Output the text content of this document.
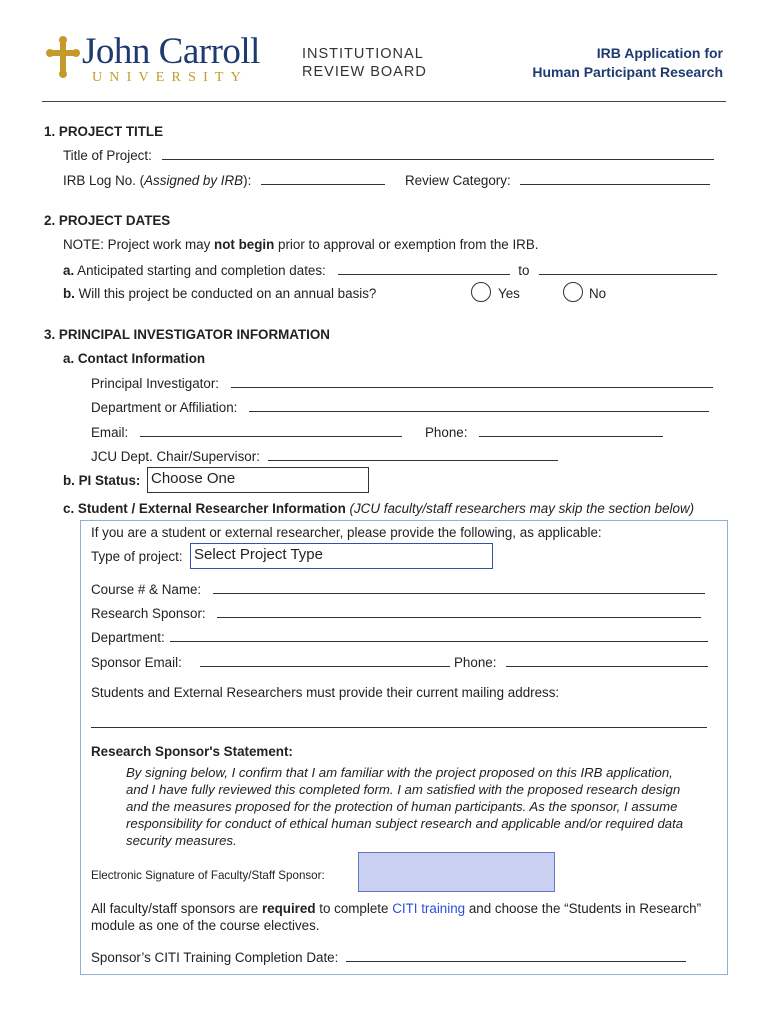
John Carroll
UNIVERSITY
INSTITUTIONAL
REVIEW BOARD
IRB Application for
Human Participant Research
1. PROJECT TITLE
Title of Project:
IRB Log No. (Assigned by IRB):	Review Category:
2. PROJECT DATES
NOTE: Project work may not begin prior to approval or exemption from the IRB.
a. Anticipated starting and completion dates:	to
b. Will this project be conducted on an annual basis?	Yes	No
3. PRINCIPAL INVESTIGATOR INFORMATION
a. Contact Information
Principal Investigator:
Department or Affiliation:
Email:	Phone:
JCU Dept. Chair/Supervisor:
b. PI Status: Choose One
c. Student / External Researcher Information (JCU faculty/staff researchers may skip the section below)
If you are a student or external researcher, please provide the following, as applicable:
Type of project: Select Project Type
Course # & Name:
Research Sponsor:
Department:
Sponsor Email:	Phone:
Students and External Researchers must provide their current mailing address:
Research Sponsor's Statement:
By signing below, I confirm that I am familiar with the project proposed on this IRB application, and I have fully reviewed this completed form. I am satisfied with the proposed research design and the measures proposed for the protection of human participants. As the sponsor, I assume responsibility for conduct of ethical human subject research and applicable and/or required data security measures.
Electronic Signature of Faculty/Staff Sponsor:
All faculty/staff sponsors are required to complete CITI training and choose the “Students in Research”
module as one of the course electives.
Sponsor’s CITI Training Completion Date:
